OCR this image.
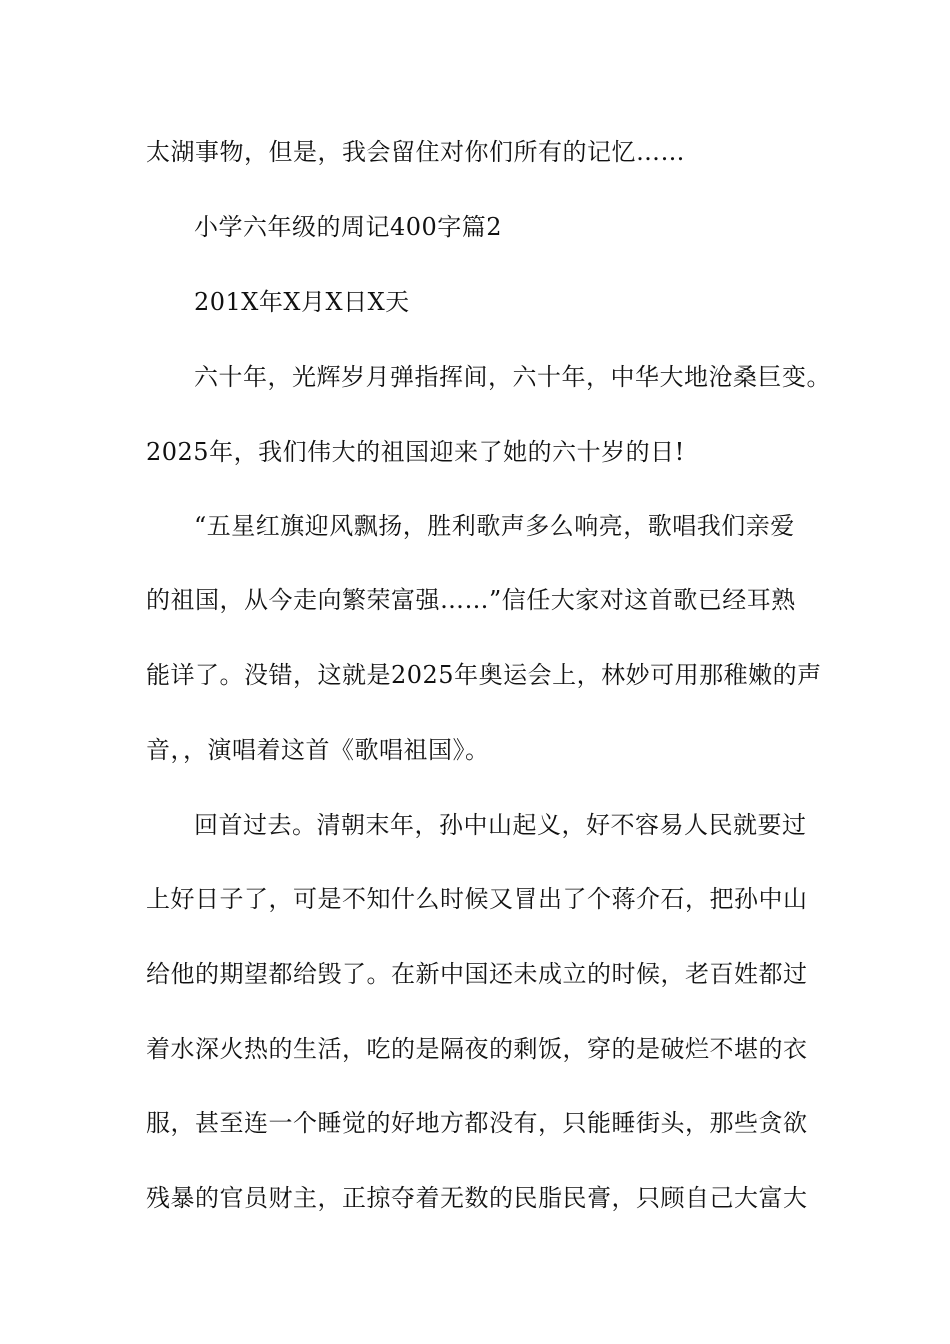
太湖事物，但是，我会留住对你们所有的记忆……
小学六年级的周记400字篇2
201X年X月X日X天
六十年，光辉岁月弹指挥间，六十年，中华大地沧桑巨变。
2025年，我们伟大的祖国迎来了她的六十岁的日!
“五星红旗迎风飘扬，胜利歌声多么响亮，歌唱我们亲爱
的祖国，从今走向繁荣富强……”信任大家对这首歌已经耳熟
能详了。没错，这就是2025年奥运会上，林妙可用那稚嫩的声
音，，演唱着这首《歌唱祖国》。
回首过去。清朝末年，孙中山起义，好不容易人民就要过
上好日子了，可是不知什么时候又冒出了个蒋介石，把孙中山
给他的期望都给毁了。在新中国还未成立的时候，老百姓都过
着水深火热的生活，吃的是隔夜的剩饭，穿的是破烂不堪的衣
服，甚至连一个睡觉的好地方都没有，只能睡街头，那些贪欲
残暴的官员财主，正掠夺着无数的民脂民膏，只顾自己大富大
